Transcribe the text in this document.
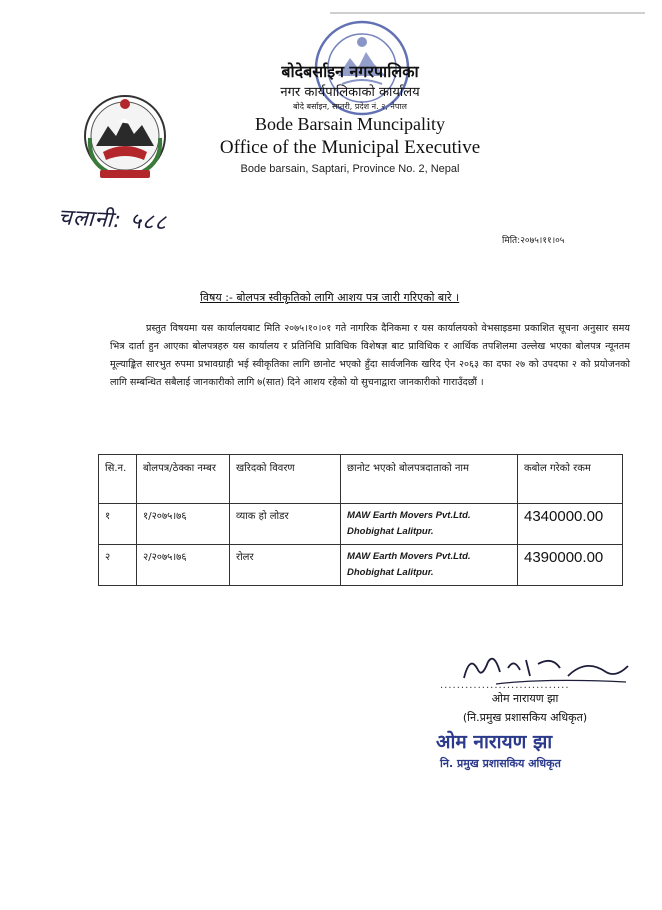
बोदेबर्साइन नगरपालिका
नगर कार्यपालिकाको कार्यालय
बोदे बर्साइन, सप्तरी, प्रदेश नं. २, नेपाल
Bode Barsain Muncipality
Office of the Municipal Executive
Bode barsain, Saptari, Province No. 2, Nepal
चलानी: ५८८
मिति:२०७५।११।०५
विषय :- बोलपत्र स्वीकृतिको लागि आशय पत्र जारी गरिएको बारे ।
प्रस्तुत विषयमा यस कार्यालयबाट मिति २०७५।१०।०१ गते नागरिक दैनिकमा र यस कार्यालयको वेभसाइडमा प्रकाशित सूचना अनुसार समय भित्र दार्ता हुन आएका बोलपत्रहरु यस कार्यालय र प्रतिनिधि प्राविधिक विशेषज्ञ बाट प्राविधिक र आर्थिक तपशिलमा उल्लेख भएका बोलपत्र न्यूनतम मूल्याङ्कित सारभुत रुपमा प्रभावग्राही भई स्वीकृतिका लागि छानोट भएको हुँदा सार्वजनिक खरिद ऐन २०६३ का दफा २७ को उपदफा २ को प्रयोजनको लागि सम्बन्धित सबैलाई जानकारीको लागि ७(सात) दिने आशय रहेको यो सुचनाद्वारा जानकारीको गाराउँदछौं ।
सि.न.	बोलपत्र/ठेक्का नम्बर	खरिदको विवरण	छानोट भएको बोलपत्रदाताको नाम	कबोल गरेको रकम
१	१/२०७५।७६	व्याक हो लोडर	MAW Earth Movers Pvt.Ltd.
Dhobighat Lalitpur.	4340000.00
२	२/२०७५।७६	रोलर	MAW Earth Movers Pvt.Ltd.
Dhobighat Lalitpur.	4390000.00
...............................
ओम नारायण झा
(नि.प्रमुख प्रशासकिय अधिकृत)
ओम नारायण झा
नि. प्रमुख प्रशासकिय अधिकृत
